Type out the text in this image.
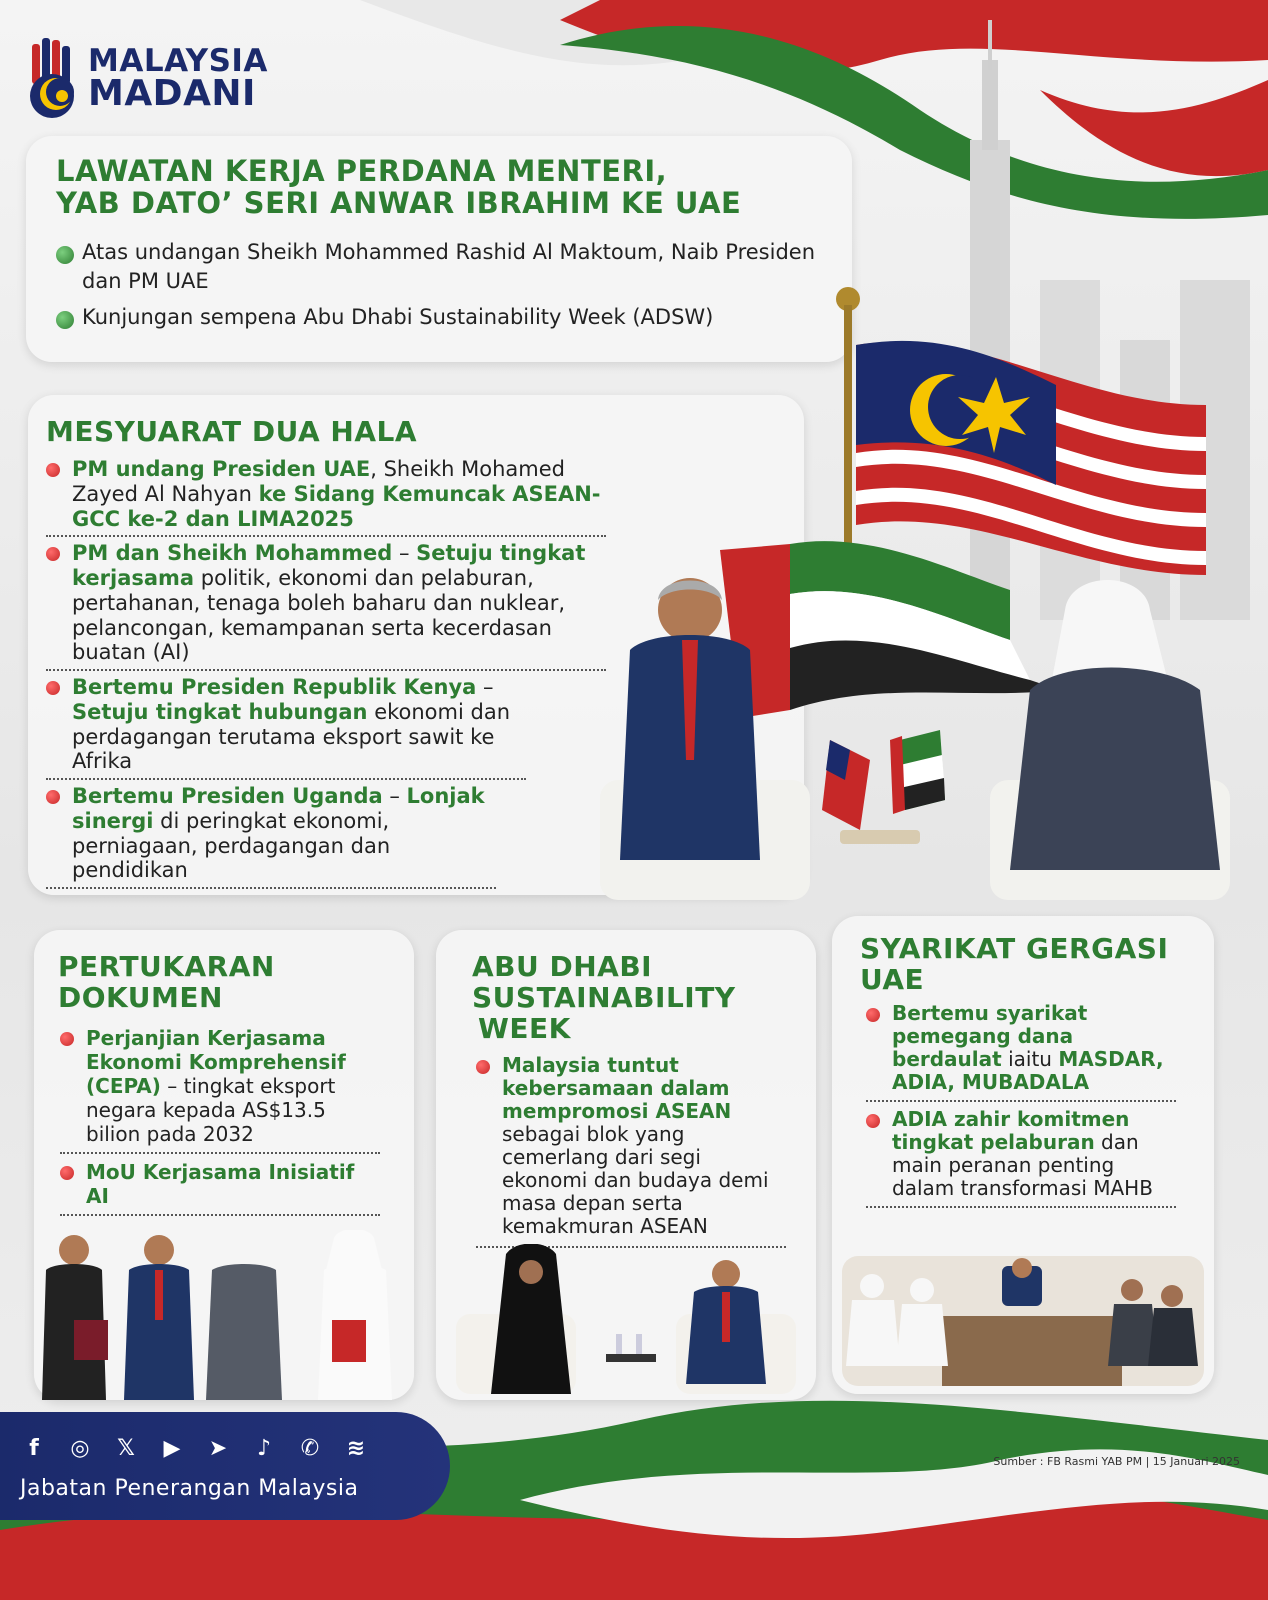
MALAYSIA
MADANI
LAWATAN KERJA PERDANA MENTERI,
YAB DATO’ SERI ANWAR IBRAHIM KE UAE
Atas undangan Sheikh Mohammed Rashid Al Maktoum, Naib Presiden dan PM UAE
Kunjungan sempena Abu Dhabi Sustainability Week (ADSW)
MESYUARAT DUA HALA
PM undang Presiden UAE, Sheikh Mohamed Zayed Al Nahyan ke Sidang Kemuncak ASEAN-GCC ke-2 dan LIMA2025
PM dan Sheikh Mohammed – Setuju tingkat kerjasama politik, ekonomi dan pelaburan, pertahanan, tenaga boleh baharu dan nuklear, pelancongan, kemampanan serta kecerdasan buatan (AI)
Bertemu Presiden Republik Kenya – Setuju tingkat hubungan ekonomi dan perdagangan terutama eksport sawit ke Afrika
Bertemu Presiden Uganda – Lonjak sinergi di peringkat ekonomi, perniagaan, perdagangan dan pendidikan
PERTUKARAN
DOKUMEN
Perjanjian Kerjasama Ekonomi Komprehensif (CEPA) – tingkat eksport negara kepada AS$13.5 bilion pada 2032
MoU Kerjasama Inisiatif AI
ABU DHABI
SUSTAINABILITY
WEEK
Malaysia tuntut kebersamaan dalam mempromosi ASEAN sebagai blok yang cemerlang dari segi ekonomi dan budaya demi masa depan serta kemakmuran ASEAN
SYARIKAT GERGASI
UAE
Bertemu syarikat pemegang dana berdaulat iaitu MASDAR, ADIA, MUBADALA
ADIA zahir komitmen tingkat pelaburan dan main peranan penting dalam transformasi MAHB
f	◎	𝕏	▶	➤	♪	✆	≋
Jabatan Penerangan Malaysia
Sumber : FB Rasmi YAB PM | 15 Januari 2025
